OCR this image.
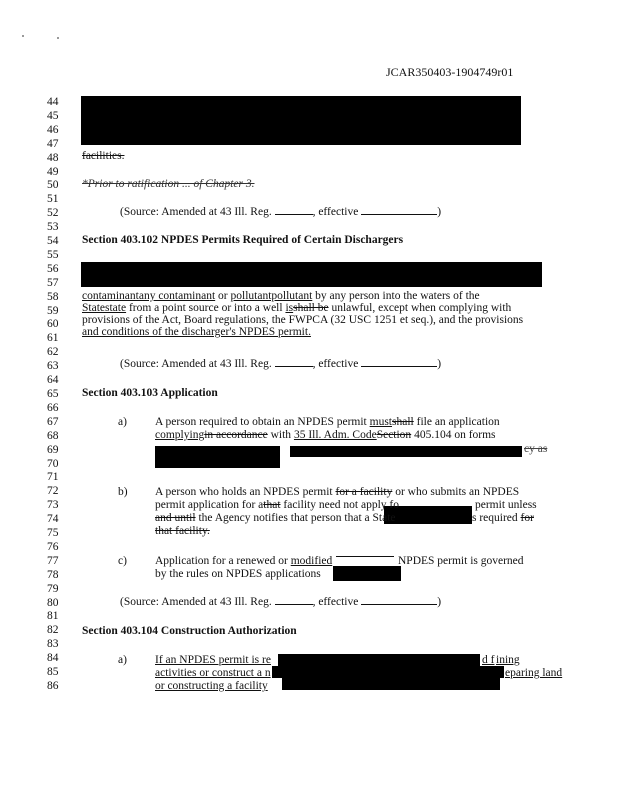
JCAR350403-1904749r01
44
45
46
47
48
49
50
51
52
53
54
55
56
57
58
59
60
61
62
63
64
65
66
67
68
69
70
71
72
73
74
75
76
77
78
79
80
81
82
83
84
85
86
facilities.
*Prior to ratification ... of Chapter 3.
(Source: Amended at 43 Ill. Reg.	, effective	)
Section 403.102 NPDES Permits Required of Certain Dischargers
contaminantany contaminant or pollutantpollutant by any person into the waters of the
Statestate from a point source or into a well isshall be unlawful, except when complying with
provisions of the Act, Board regulations, the FWPCA (32 USC 1251 et seq.), and the provisions
and conditions of the discharger's NPDES permit.
(Source: Amended at 43 Ill. Reg.	, effective	)
Section 403.103 Application
a) A person required to obtain an NPDES permit mustshall file an application
complyingin accordance with 35 Ill. Adm. CodeSection 405.104 on forms
cy as
b) A person who holds an NPDES permit for a facility or who submits an NPDES
permit application for athat facility need not apply fo	permit unless
and until the Agency notifies that person that a State	s required for
that facility.
c) Application for a renewed or modified	NPDES permit is governed
by the rules on NPDES applications
(Source: Amended at 43 Ill. Reg.	, effective	)
Section 403.104 Construction Authorization
a) If an NPDES permit is re	d f ining
activities or construct a n	eparing land
or constructing a facility
